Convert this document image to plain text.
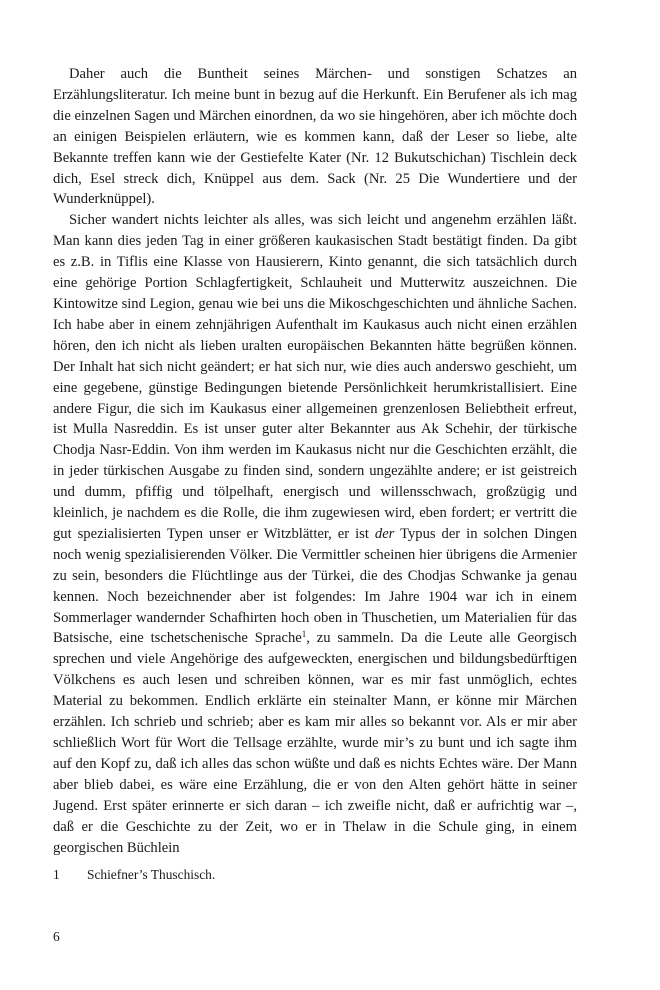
Daher auch die Buntheit seines Märchen- und sonstigen Schatzes an Erzählungsliteratur. Ich meine bunt in bezug auf die Herkunft. Ein Berufener als ich mag die einzelnen Sagen und Märchen einordnen, da wo sie hingehören, aber ich möchte doch an einigen Beispielen erläutern, wie es kommen kann, daß der Leser so liebe, alte Bekannte treffen kann wie der Gestiefelte Kater (Nr. 12 Bukutschichan) Tischlein deck dich, Esel streck dich, Knüppel aus dem. Sack (Nr. 25 Die Wundertiere und der Wunderknüppel).

Sicher wandert nichts leichter als alles, was sich leicht und angenehm erzählen läßt. Man kann dies jeden Tag in einer größeren kaukasischen Stadt bestätigt finden. Da gibt es z.B. in Tiflis eine Klasse von Hausierern, Kinto genannt, die sich tatsächlich durch eine gehörige Portion Schlagfertigkeit, Schlauheit und Mutterwitz auszeichnen. Die Kintowitze sind Legion, genau wie bei uns die Mikoschgeschichten und ähnliche Sachen. Ich habe aber in einem zehnjährigen Aufenthalt im Kaukasus auch nicht einen erzählen hören, den ich nicht als lieben uralten europäischen Bekannten hätte begrüßen können. Der Inhalt hat sich nicht geändert; er hat sich nur, wie dies auch anderswo geschieht, um eine gegebene, günstige Bedingungen bietende Persönlichkeit herumkristallisiert. Eine andere Figur, die sich im Kaukasus einer allgemeinen grenzenlosen Beliebtheit erfreut, ist Mulla Nasreddin. Es ist unser guter alter Bekannter aus Ak Schehir, der türkische Chodja Nasr-Eddin. Von ihm werden im Kaukasus nicht nur die Geschichten erzählt, die in jeder türkischen Ausgabe zu finden sind, sondern ungezählte andere; er ist geistreich und dumm, pfiffig und tölpelhaft, energisch und willensschwach, großzügig und kleinlich, je nachdem es die Rolle, die ihm zugewiesen wird, eben fordert; er vertritt die gut spezialisierten Typen unser er Witzblätter, er ist der Typus der in solchen Dingen noch wenig spezialisierenden Völker. Die Vermittler scheinen hier übrigens die Armenier zu sein, besonders die Flüchtlinge aus der Türkei, die des Chodjas Schwanke ja genau kennen. Noch bezeichnender aber ist folgendes: Im Jahre 1904 war ich in einem Sommerlager wandernder Schafhirten hoch oben in Thuschetien, um Materialien für das Batsische, eine tschetschenische Sprache$^1$, zu sammeln. Da die Leute alle Georgisch sprechen und viele Angehörige des aufgeweckten, energischen und bildungsbedürftigen Völkchens es auch lesen und schreiben können, war es mir fast unmöglich, echtes Material zu bekommen. Endlich erklärte ein steinalter Mann, er könne mir Märchen erzählen. Ich schrieb und schrieb; aber es kam mir alles so bekannt vor. Als er mir aber schließlich Wort für Wort die Tellsage erzählte, wurde mir’s zu bunt und ich sagte ihm auf den Kopf zu, daß ich alles das schon wüßte und daß es nichts Echtes wäre. Der Mann aber blieb dabei, es wäre eine Erzählung, die er von den Alten gehört hätte in seiner Jugend. Erst später erinnerte er sich daran – ich zweifle nicht, daß er aufrichtig war –, daß er die Geschichte zu der Zeit, wo er in Thelaw in die Schule ging, in einem georgischen Büchlein

1 Schiefner’s Thuschisch.
6
